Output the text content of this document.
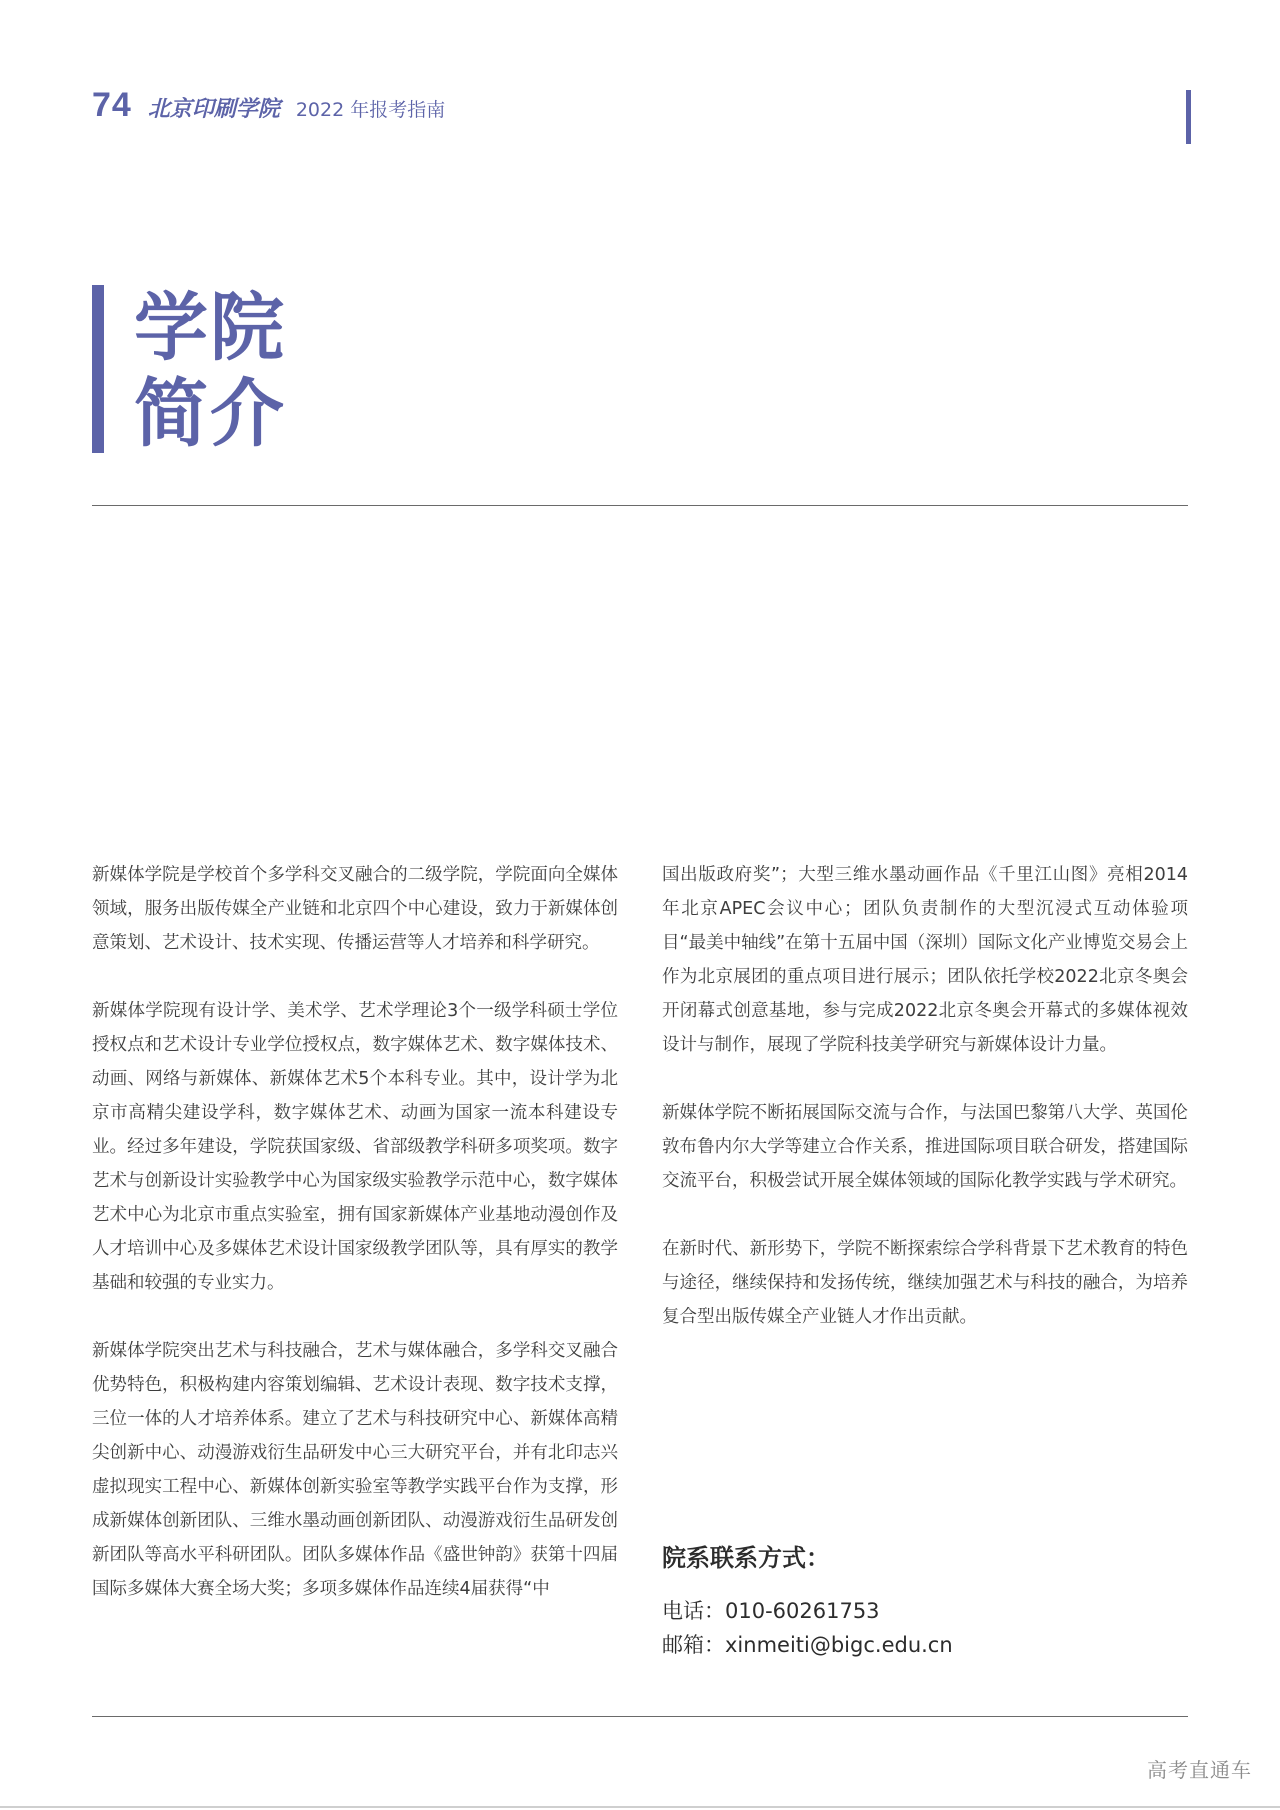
74 北京印刷学院 2022 年报考指南
学院
简介

新媒体学院是学校首个多学科交叉融合的二级学院，学院面向全媒体领域，服务出版传媒全产业链和北京四个中心建设，致力于新媒体创意策划、艺术设计、技术实现、传播运营等人才培养和科学研究。

新媒体学院现有设计学、美术学、艺术学理论3个一级学科硕士学位授权点和艺术设计专业学位授权点，数字媒体艺术、数字媒体技术、动画、网络与新媒体、新媒体艺术5个本科专业。其中，设计学为北京市高精尖建设学科，数字媒体艺术、动画为国家一流本科建设专业。经过多年建设，学院获国家级、省部级教学科研多项奖项。数字艺术与创新设计实验教学中心为国家级实验教学示范中心，数字媒体艺术中心为北京市重点实验室，拥有国家新媒体产业基地动漫创作及人才培训中心及多媒体艺术设计国家级教学团队等，具有厚实的教学基础和较强的专业实力。

新媒体学院突出艺术与科技融合，艺术与媒体融合，多学科交叉融合优势特色，积极构建内容策划编辑、艺术设计表现、数字技术支撑，三位一体的人才培养体系。建立了艺术与科技研究中心、新媒体高精尖创新中心、动漫游戏衍生品研发中心三大研究平台，并有北印志兴虚拟现实工程中心、新媒体创新实验室等教学实践平台作为支撑，形成新媒体创新团队、三维水墨动画创新团队、动漫游戏衍生品研发创新团队等高水平科研团队。团队多媒体作品《盛世钟韵》获第十四届国际多媒体大赛全场大奖；多项多媒体作品连续4届获得“中

国出版政府奖”；大型三维水墨动画作品《千里江山图》亮相2014年北京APEC会议中心；团队负责制作的大型沉浸式互动体验项目“最美中轴线”在第十五届中国（深圳）国际文化产业博览交易会上作为北京展团的重点项目进行展示；团队依托学校2022北京冬奥会开闭幕式创意基地，参与完成2022北京冬奥会开幕式的多媒体视效设计与制作，展现了学院科技美学研究与新媒体设计力量。

新媒体学院不断拓展国际交流与合作，与法国巴黎第八大学、英国伦敦布鲁内尔大学等建立合作关系，推进国际项目联合研发，搭建国际交流平台，积极尝试开展全媒体领域的国际化教学实践与学术研究。

在新时代、新形势下，学院不断探索综合学科背景下艺术教育的特色与途径，继续保持和发扬传统，继续加强艺术与科技的融合，为培养复合型出版传媒全产业链人才作出贡献。

院系联系方式：
电话：010-60261753
邮箱：xinmeiti@bigc.edu.cn
高考直通车
